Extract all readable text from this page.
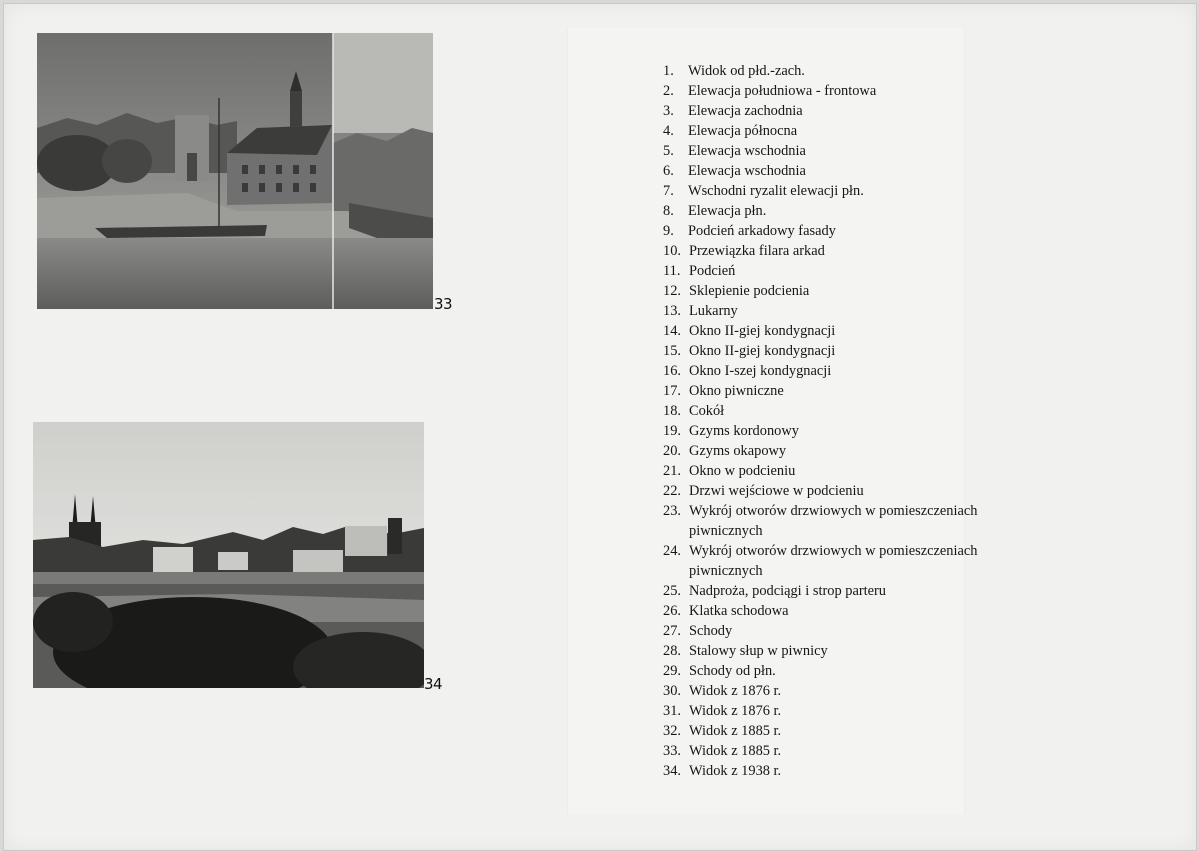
33
34
1. Widok od płd.-zach.
2. Elewacja południowa - frontowa
3. Elewacja zachodnia
4. Elewacja północna
5. Elewacja wschodnia
6. Elewacja wschodnia
7. Wschodni ryzalit elewacji płn.
8. Elewacja płn.
9. Podcień arkadowy fasady
10. Przewiązka filara arkad
11. Podcień
12. Sklepienie podcienia
13. Lukarny
14. Okno II-giej kondygnacji
15. Okno II-giej kondygnacji
16. Okno I-szej kondygnacji
17. Okno piwniczne
18. Cokół
19. Gzyms kordonowy
20. Gzyms okapowy
21. Okno w podcieniu
22. Drzwi wejściowe w podcieniu
23. Wykrój otworów drzwiowych w pomieszczeniach piwnicznych
24. Wykrój otworów drzwiowych w pomieszczeniach piwnicznych
25. Nadproża, podciągi i strop parteru
26. Klatka schodowa
27. Schody
28. Stalowy słup w piwnicy
29. Schody od płn.
30. Widok z 1876 r.
31. Widok z 1876 r.
32. Widok z 1885 r.
33. Widok z 1885 r.
34. Widok z 1938 r.
